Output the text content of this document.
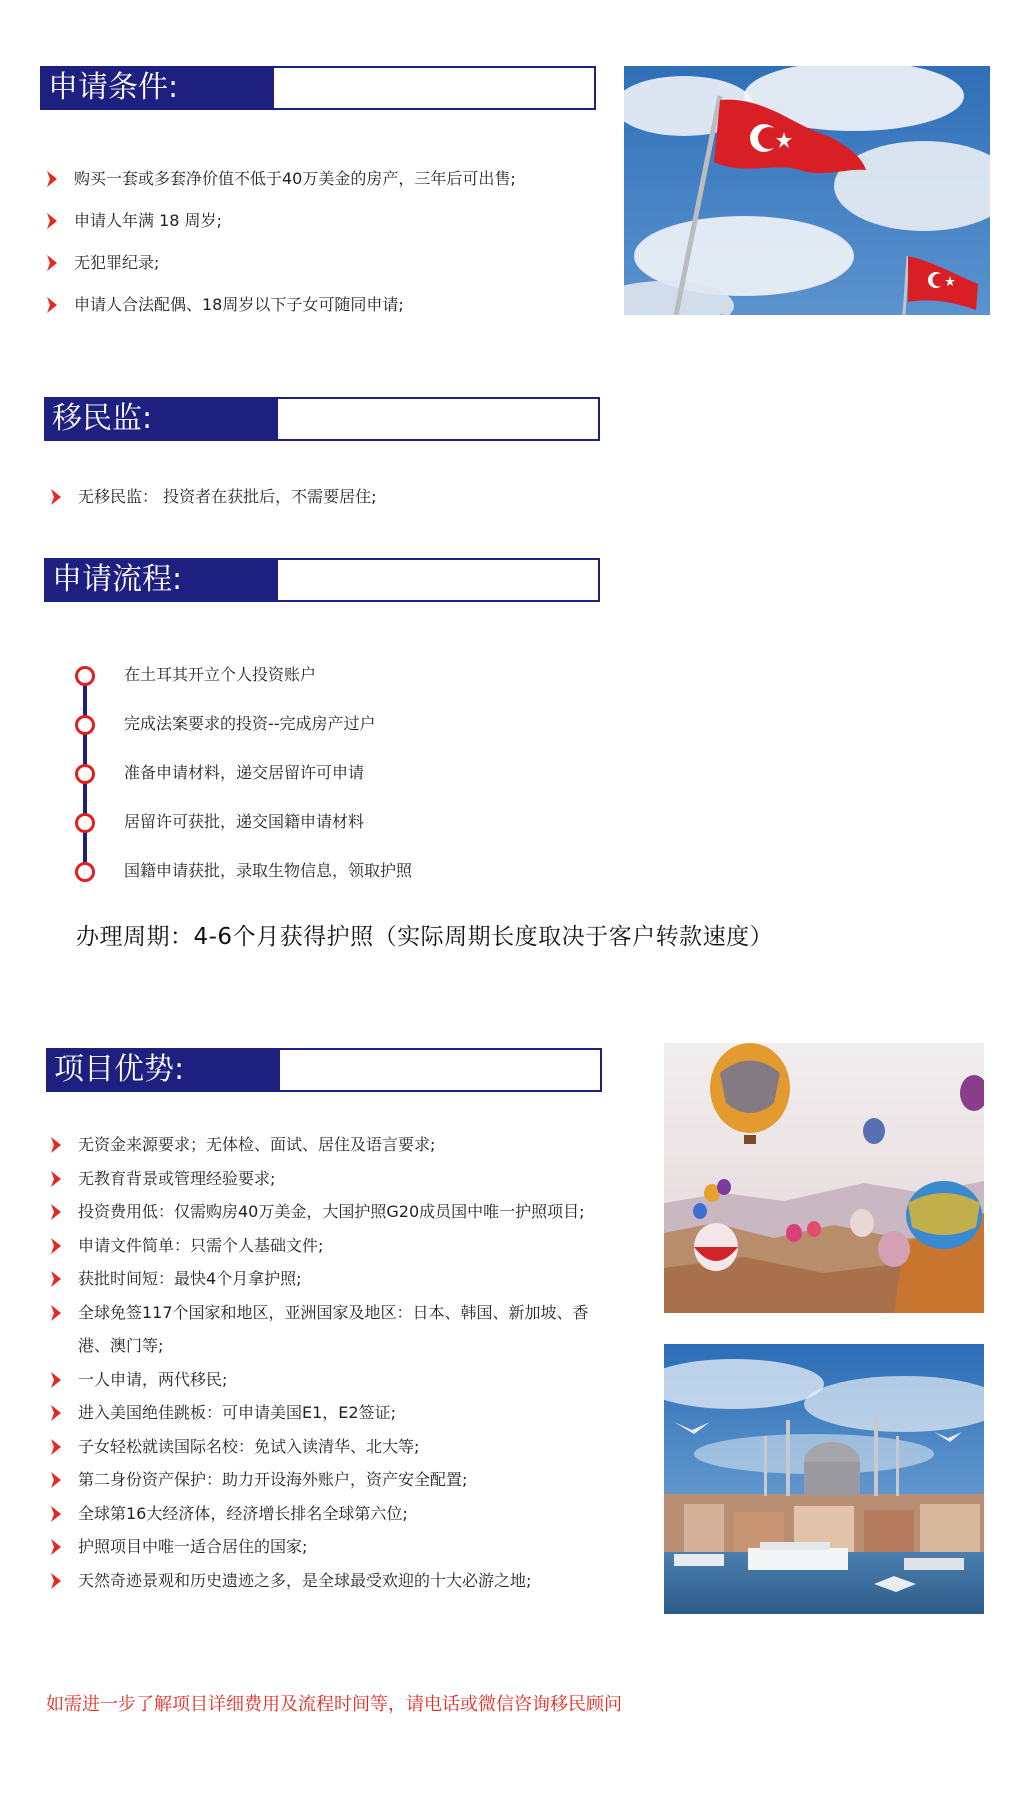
申请条件:
购买一套或多套净价值不低于40万美金的房产，三年后可出售;
申请人年满 18 周岁;
无犯罪纪录;
申请人合法配偶、18周岁以下子女可随同申请;
移民监:
无移民监： 投资者在获批后，不需要居住;
申请流程:
在土耳其开立个人投资账户
完成法案要求的投资--完成房产过户
准备申请材料，递交居留许可申请
居留许可获批，递交国籍申请材料
国籍申请获批，录取生物信息，领取护照
办理周期：4-6个月获得护照（实际周期长度取决于客户转款速度）
项目优势:
无资金来源要求；无体检、面试、居住及语言要求;
无教育背景或管理经验要求;
投资费用低：仅需购房40万美金，大国护照G20成员国中唯一护照项目;
申请文件简单：只需个人基础文件;
获批时间短：最快4个月拿护照;
全球免签117个国家和地区，亚洲国家及地区：日本、韩国、新加坡、香港、澳门等;
一人申请，两代移民;
进入美国绝佳跳板：可申请美国E1，E2签证;
子女轻松就读国际名校：免试入读清华、北大等;
第二身份资产保护：助力开设海外账户，资产安全配置;
全球第16大经济体，经济增长排名全球第六位;
护照项目中唯一适合居住的国家;
天然奇迹景观和历史遗迹之多，是全球最受欢迎的十大必游之地;
如需进一步了解项目详细费用及流程时间等，请电话或微信咨询移民顾问
